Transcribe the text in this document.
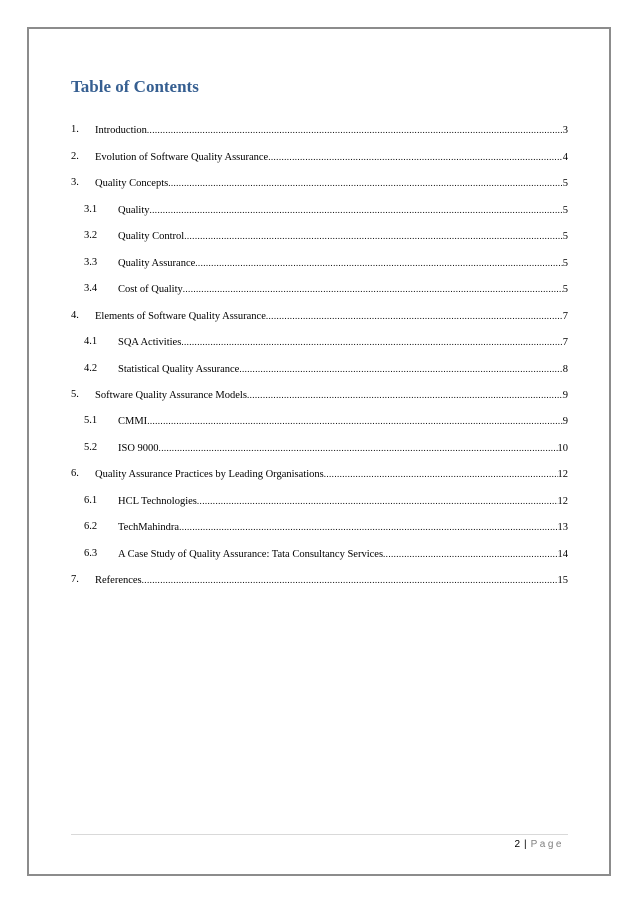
Table of Contents
1. Introduction .....	3
2. Evolution of Software Quality Assurance .....	4
3. Quality Concepts .....	5
3.1 Quality .....	5
3.2 Quality Control .....	5
3.3 Quality Assurance .....	5
3.4 Cost of Quality .....	5
4. Elements of Software Quality Assurance .....	7
4.1 SQA Activities .....	7
4.2 Statistical Quality Assurance .....	8
5. Software Quality Assurance Models .....	9
5.1 CMMI .....	9
5.2 ISO 9000 .....	10
6. Quality Assurance Practices by Leading Organisations .....	12
6.1 HCL Technologies .....	12
6.2 TechMahindra .....	13
6.3 A Case Study of Quality Assurance: Tata Consultancy Services .....	14
7. References .....	15
2 | Page
